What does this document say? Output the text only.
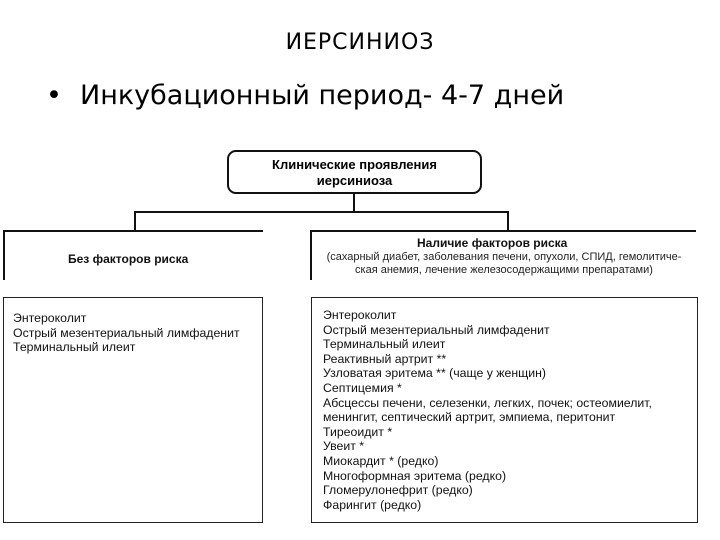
ИЕРСИНИОЗ
• Инкубационный период- 4-7 дней
Клинические проявления
иерсиниоза
Без факторов риска
Наличие факторов риска
(сахарный диабет, заболевания печени, опухоли, СПИД, гемолитиче-
ская анемия, лечение железосодержащими препаратами)
Энтероколит
Острый мезентериальный лимфаденит
Терминальный илеит
Энтероколит
Острый мезентериальный лимфаденит
Терминальный илеит
Реактивный артрит **
Узловатая эритема ** (чаще у женщин)
Септицемия *
Абсцессы печени, селезенки, легких, почек; остеомиелит,
менингит, септический артрит, эмпиема, перитонит
Тиреоидит *
Увеит *
Миокардит * (редко)
Многоформная эритема (редко)
Гломерулонефрит (редко)
Фарингит (редко)
